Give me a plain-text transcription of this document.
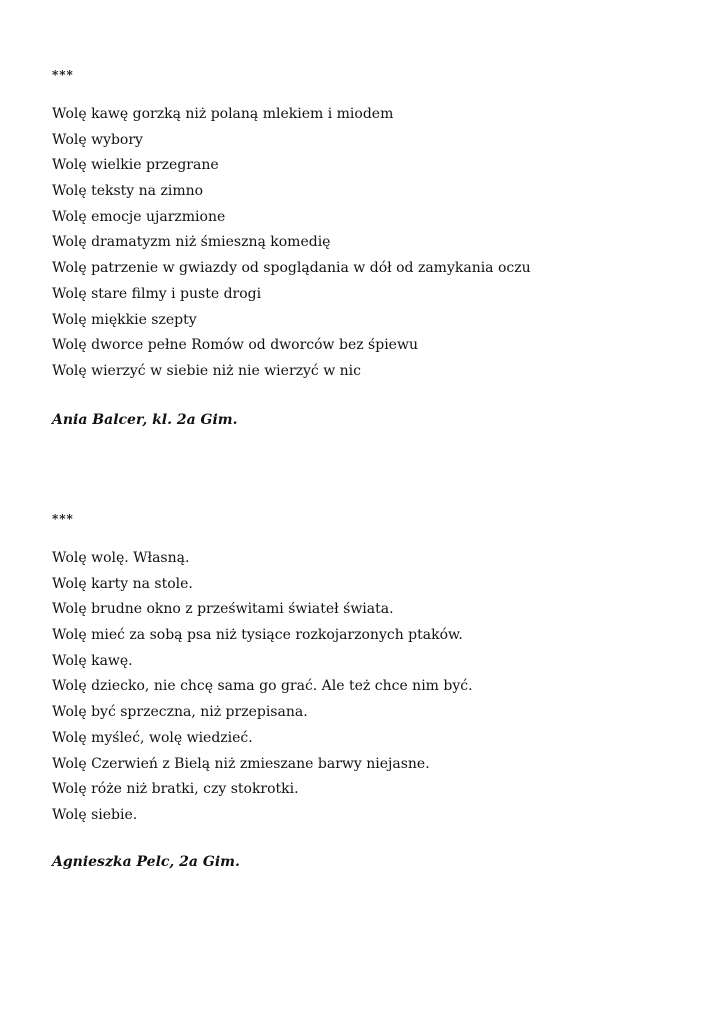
***
Wolę kawę gorzką niż polaną mlekiem i miodem
Wolę wybory
Wolę wielkie przegrane
Wolę teksty na zimno
Wolę emocje ujarzmione
Wolę dramatyzm niż śmieszną komedię
Wolę patrzenie w gwiazdy od spoglądania w dół od zamykania oczu
Wolę stare filmy i puste drogi
Wolę miękkie szepty
Wolę dworce pełne Romów od dworców bez śpiewu
Wolę wierzyć w siebie niż nie wierzyć w nic
Ania Balcer, kl. 2a Gim.
***
Wolę wolę. Własną.
Wolę karty na stole.
Wolę brudne okno z prześwitami świateł świata.
Wolę mieć za sobą psa niż tysiące rozkojarzonych ptaków.
Wolę kawę.
Wolę dziecko, nie chcę sama go grać. Ale też chce nim być.
Wolę być sprzeczna, niż przepisana.
Wolę myśleć, wolę wiedzieć.
Wolę Czerwień z Bielą niż zmieszane barwy niejasne.
Wolę róże niż bratki, czy stokrotki.
Wolę siebie.
Agnieszka Pelc, 2a Gim.
